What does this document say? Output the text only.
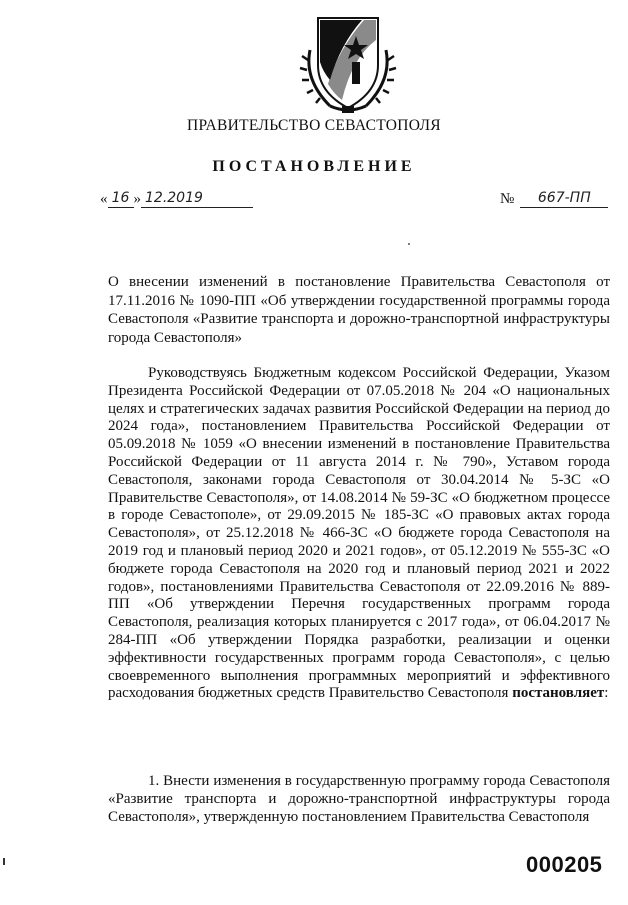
ПРАВИТЕЛЬСТВО СЕВАСТОПОЛЯ
ПОСТАНОВЛЕНИЕ
« 16 » 12.2019	№	667-ПП
О внесении изменений в постановление Правительства Севастополя от 17.11.2016 № 1090-ПП «Об утверждении государственной программы города Севастополя «Развитие транспорта и дорожно-транспортной инфраструктуры города Севастополя»
Руководствуясь Бюджетным кодексом Российской Федерации, Указом Президента Российской Федерации от 07.05.2018 № 204 «О национальных целях и стратегических задачах развития Российской Федерации на период до 2024 года», постановлением Правительства Российской Федерации от 05.09.2018 № 1059 «О внесении изменений в постановление Правительства Российской Федерации от 11 августа 2014 г. № 790», Уставом города Севастополя, законами города Севастополя от 30.04.2014 № 5-ЗС «О Правительстве Севастополя», от 14.08.2014 № 59-ЗС «О бюджетном процессе в городе Севастополе», от 29.09.2015 № 185-ЗС «О правовых актах города Севастополя», от 25.12.2018 № 466-ЗС «О бюджете города Севастополя на 2019 год и плановый период 2020 и 2021 годов», от 05.12.2019 № 555-ЗС «О бюджете города Севастополя на 2020 год и плановый период 2021 и 2022 годов», постановлениями Правительства Севастополя от 22.09.2016 № 889-ПП «Об утверждении Перечня государственных программ города Севастополя, реализация которых планируется с 2017 года», от 06.04.2017 № 284-ПП «Об утверждении Порядка разработки, реализации и оценки эффективности государственных программ города Севастополя», с целью своевременного выполнения программных мероприятий и эффективного расходования бюджетных средств Правительство Севастополя постановляет:
1. Внести изменения в государственную программу города Севастополя «Развитие транспорта и дорожно-транспортной инфраструктуры города Севастополя», утвержденную постановлением Правительства Севастополя
000205
